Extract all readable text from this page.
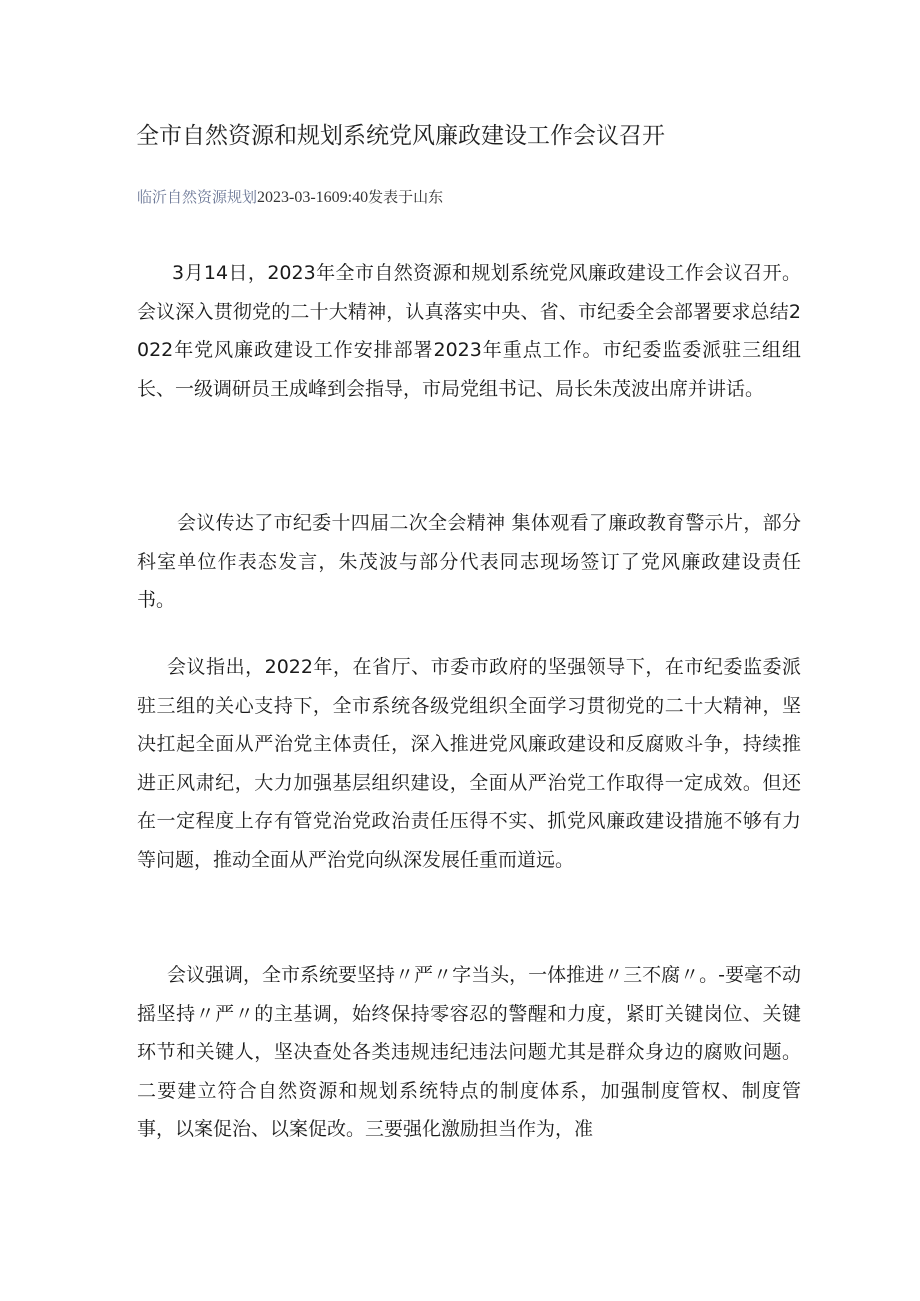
全市自然资源和规划系统党风廉政建设工作会议召开
临沂自然资源规划2023-03-1609:40发表于山东

3月14日，2023年全市自然资源和规划系统党风廉政建设工作会议召开。会议深入贯彻党的二十大精神，认真落实中央、省、市纪委全会部署要求总结2022年党风廉政建设工作安排部署2023年重点工作。市纪委监委派驻三组组长、一级调研员王成峰到会指导，市局党组书记、局长朱茂波出席并讲话。

会议传达了市纪委十四届二次全会精神 集体观看了廉政教育警示片，部分科室单位作表态发言，朱茂波与部分代表同志现场签订了党风廉政建设责任书。

会议指出，2022年，在省厅、市委市政府的坚强领导下，在市纪委监委派驻三组的关心支持下，全市系统各级党组织全面学习贯彻党的二十大精神，坚决扛起全面从严治党主体责任，深入推进党风廉政建设和反腐败斗争，持续推进正风肃纪，大力加强基层组织建设，全面从严治党工作取得一定成效。但还在一定程度上存有管党治党政治责任压得不实、抓党风廉政建设措施不够有力等问题，推动全面从严治党向纵深发展任重而道远。

会议强调，全市系统要坚持〃严〃字当头，一体推进〃三不腐〃。-要毫不动摇坚持〃严〃的主基调，始终保持零容忍的警醒和力度，紧盯关键岗位、关键环节和关键人，坚决查处各类违规违纪违法问题尤其是群众身边的腐败问题。二要建立符合自然资源和规划系统特点的制度体系，加强制度管权、制度管事，以案促治、以案促改。三要强化激励担当作为，准
